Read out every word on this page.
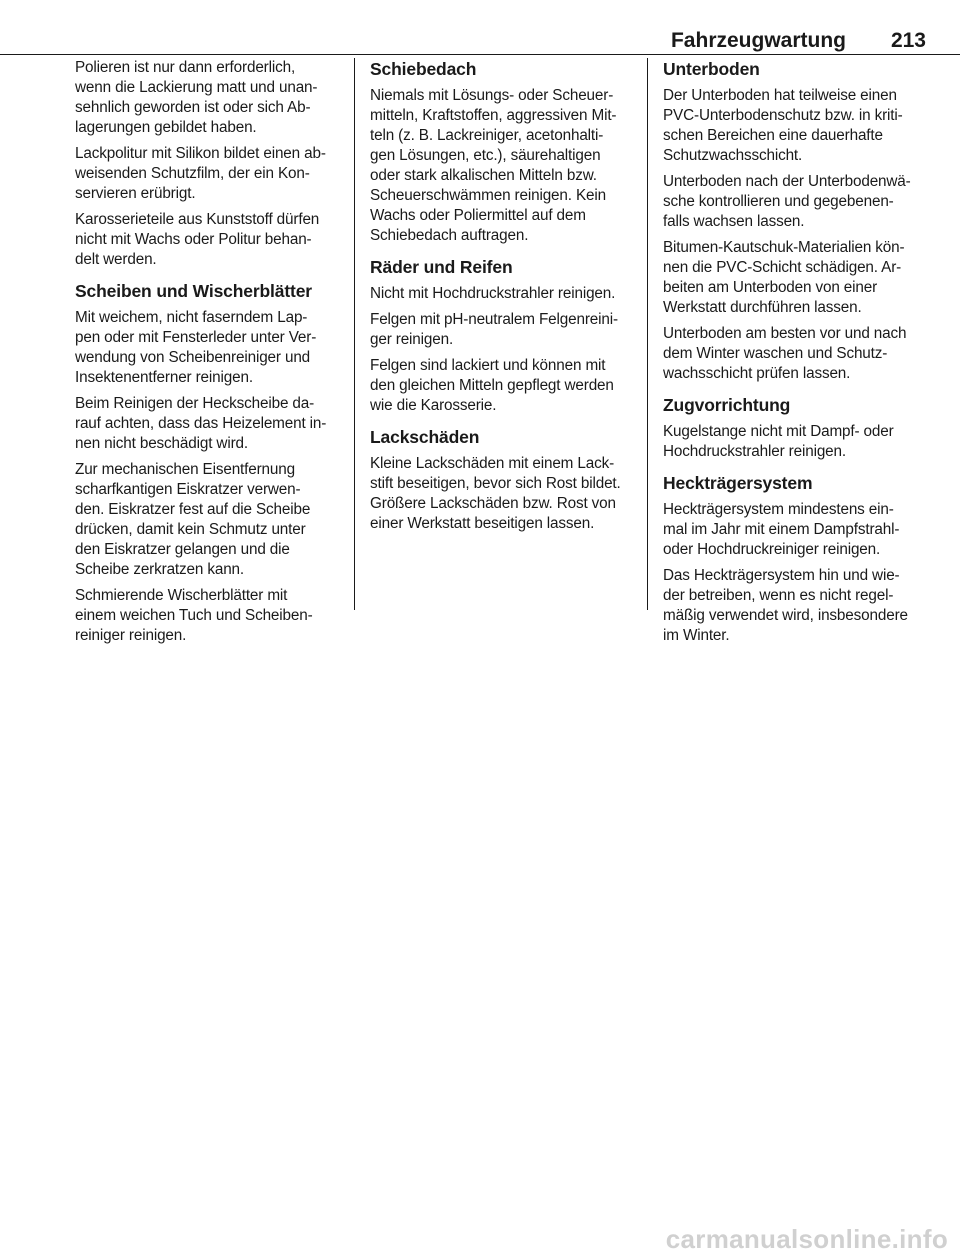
Fahrzeugwartung	213

Polieren ist nur dann erforderlich,
wenn die Lackierung matt und unan-
sehnlich geworden ist oder sich Ab-
lagerungen gebildet haben.

Lackpolitur mit Silikon bildet einen ab-
weisenden Schutzfilm, der ein Kon-
servieren erübrigt.

Karosserieteile aus Kunststoff dürfen
nicht mit Wachs oder Politur behan-
delt werden.

Scheiben und Wischerblätter

Mit weichem, nicht faserndem Lap-
pen oder mit Fensterleder unter Ver-
wendung von Scheibenreiniger und
Insektenentferner reinigen.

Beim Reinigen der Heckscheibe da-
rauf achten, dass das Heizelement in-
nen nicht beschädigt wird.

Zur mechanischen Eisentfernung
scharfkantigen Eiskratzer verwen-
den. Eiskratzer fest auf die Scheibe
drücken, damit kein Schmutz unter
den Eiskratzer gelangen und die
Scheibe zerkratzen kann.

Schmierende Wischerblätter mit
einem weichen Tuch und Scheiben-
reiniger reinigen.

Schiebedach

Niemals mit Lösungs- oder Scheuer-
mitteln, Kraftstoffen, aggressiven Mit-
teln (z. B. Lackreiniger, acetonhalti-
gen Lösungen, etc.), säurehaltigen
oder stark alkalischen Mitteln bzw.
Scheuerschwämmen reinigen. Kein
Wachs oder Poliermittel auf dem
Schiebedach auftragen.

Räder und Reifen

Nicht mit Hochdruckstrahler reinigen.

Felgen mit pH-neutralem Felgenreini-
ger reinigen.

Felgen sind lackiert und können mit
den gleichen Mitteln gepflegt werden
wie die Karosserie.

Lackschäden

Kleine Lackschäden mit einem Lack-
stift beseitigen, bevor sich Rost bildet.
Größere Lackschäden bzw. Rost von
einer Werkstatt beseitigen lassen.

Unterboden

Der Unterboden hat teilweise einen
PVC-Unterbodenschutz bzw. in kriti-
schen Bereichen eine dauerhafte
Schutzwachsschicht.

Unterboden nach der Unterbodenwä-
sche kontrollieren und gegebenen-
falls wachsen lassen.

Bitumen-Kautschuk-Materialien kön-
nen die PVC-Schicht schädigen. Ar-
beiten am Unterboden von einer
Werkstatt durchführen lassen.

Unterboden am besten vor und nach
dem Winter waschen und Schutz-
wachsschicht prüfen lassen.

Zugvorrichtung

Kugelstange nicht mit Dampf- oder
Hochdruckstrahler reinigen.

Heckträgersystem

Heckträgersystem mindestens ein-
mal im Jahr mit einem Dampfstrahl-
oder Hochdruckreiniger reinigen.

Das Heckträgersystem hin und wie-
der betreiben, wenn es nicht regel-
mäßig verwendet wird, insbesondere
im Winter.

carmanualsonline.info
